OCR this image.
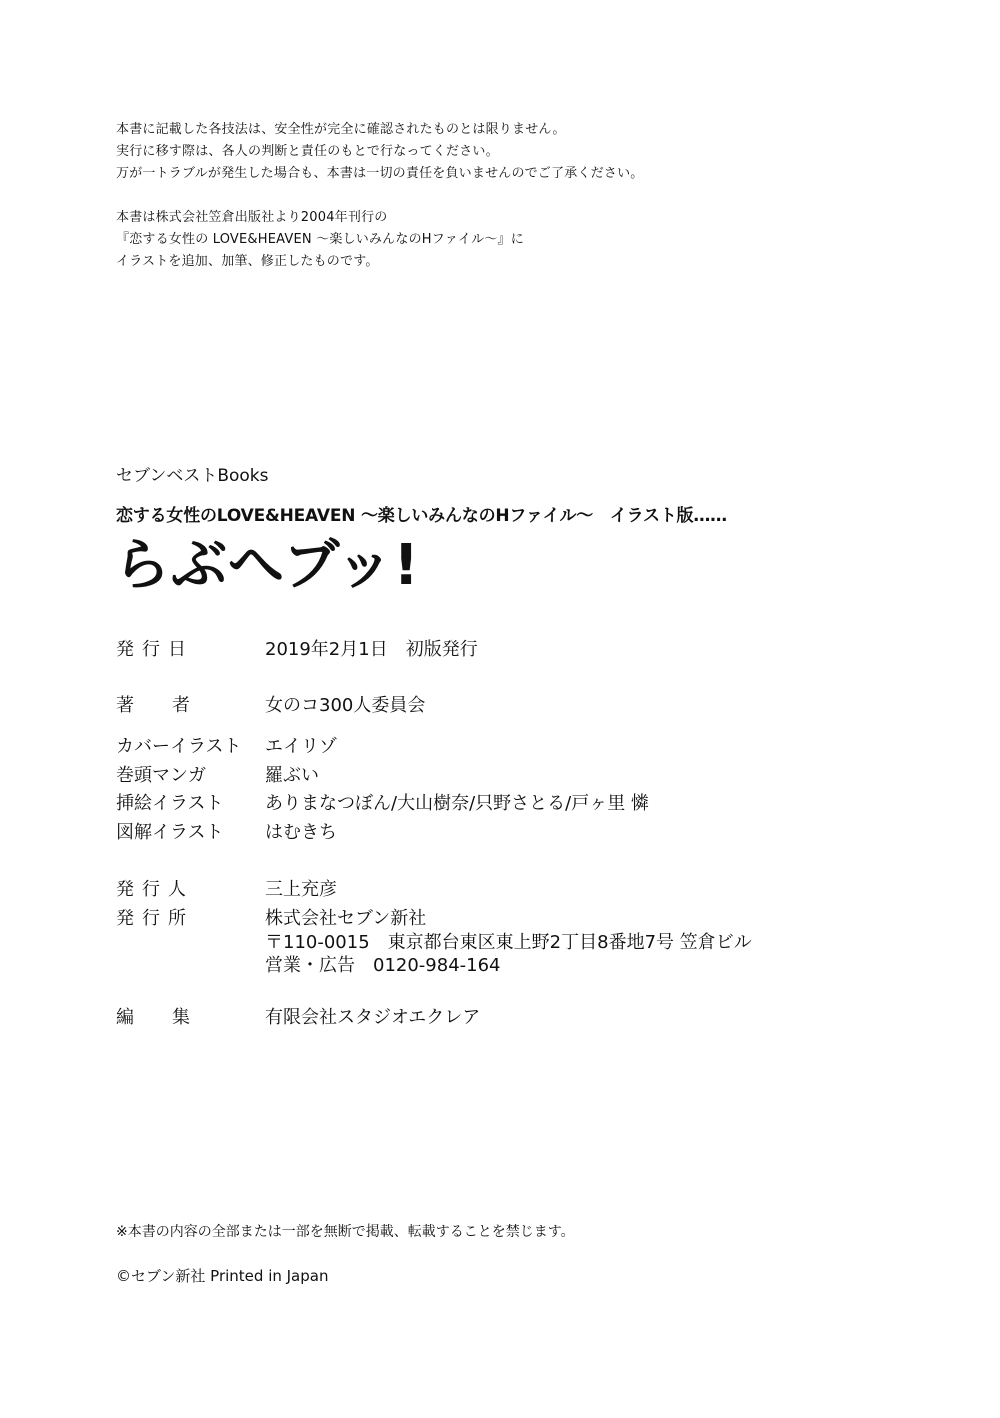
本書に記載した各技法は、安全性が完全に確認されたものとは限りません。

実行に移す際は、各人の判断と責任のもとで行なってください。

万が一トラブルが発生した場合も、本書は一切の責任を負いませんのでご了承ください。

本書は株式会社笠倉出版社より2004年刊行の

『恋する女性の LOVE&HEAVEN 〜楽しいみんなのHファイル〜』に

イラストを追加、加筆、修正したものです。

セブンベストBooks
恋する女性のLOVE&HEAVEN 〜楽しいみんなのHファイル〜　イラスト版……
らぶへブッ!
発行日	2019年2月1日　初版発行
著者 女のコ300人委員会
カバーイラスト エイリゾ
巻頭マンガ	羅ぶい
挿絵イラスト ありまなつぼん/大山樹奈/只野さとる/戸ヶ里 憐
図解イラスト はむきち
発行人	三上充彦
発行所	株式会社セブン新社
〒110-0015　東京都台東区東上野2丁目8番地7号 笠倉ビル
営業・広告　0120-984-164
編集 有限会社スタジオエクレア
※本書の内容の全部または一部を無断で掲載、転載することを禁じます。
©セブン新社 Printed in Japan
